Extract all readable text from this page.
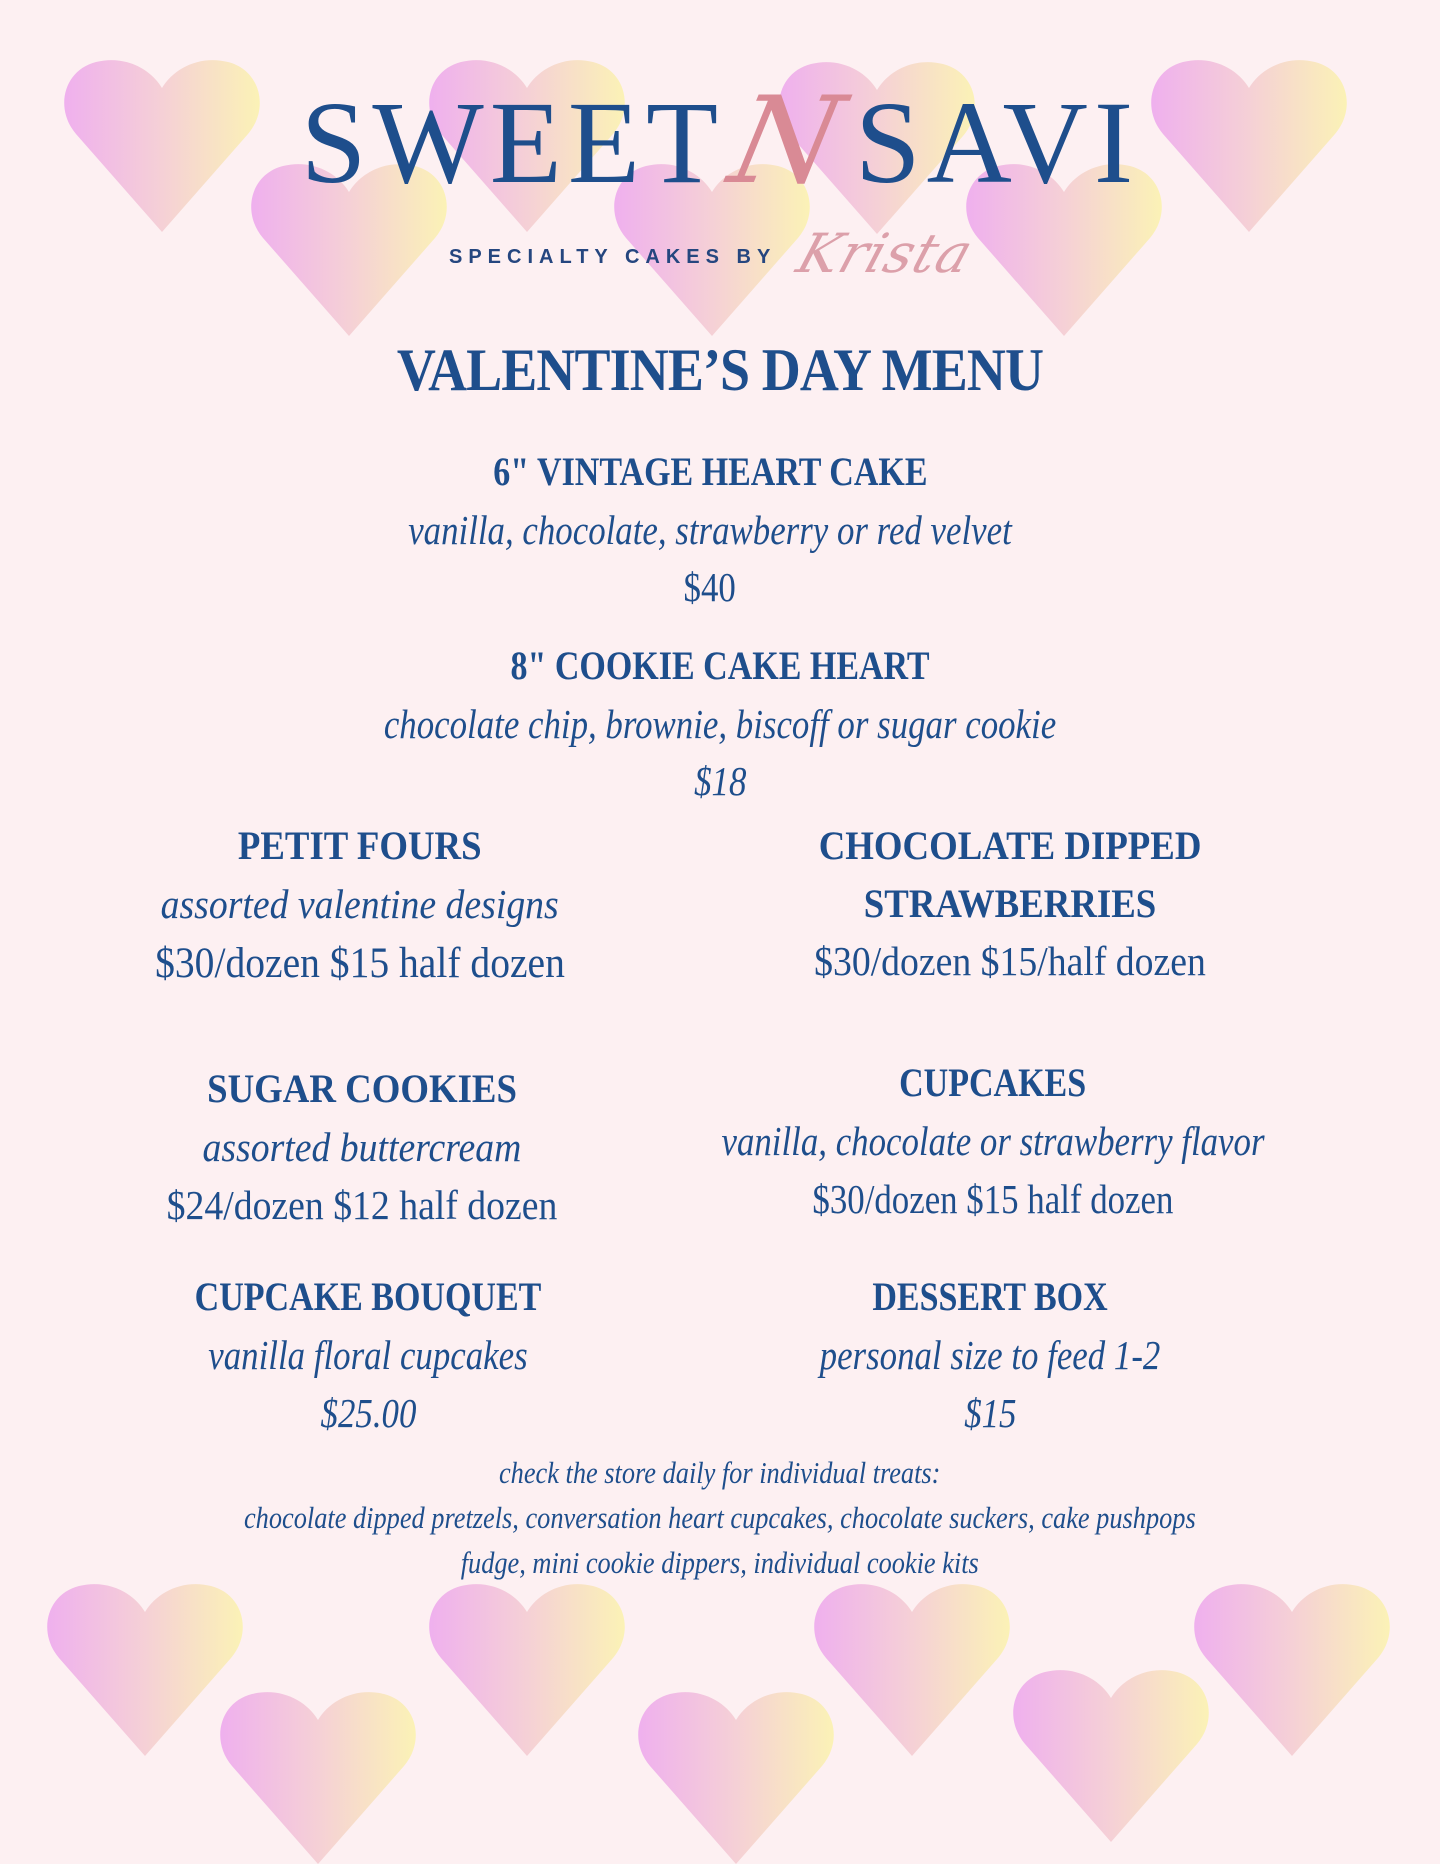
SWEETNSAVI
SPECIALTY CAKES BY Krista
VALENTINE’S DAY MENU
6" VINTAGE HEART CAKE
vanilla, chocolate, strawberry or red velvet
$40
8" COOKIE CAKE HEART
chocolate chip, brownie, biscoff or sugar cookie
$18
PETIT FOURS
assorted valentine designs
$30/dozen $15 half dozen
CHOCOLATE DIPPED
STRAWBERRIES
$30/dozen $15/half dozen
SUGAR COOKIES
assorted buttercream
$24/dozen $12 half dozen
CUPCAKES
vanilla, chocolate or strawberry flavor
$30/dozen $15 half dozen
CUPCAKE BOUQUET
vanilla floral cupcakes
$25.00
DESSERT BOX
personal size to feed 1-2
$15
check the store daily for individual treats:
chocolate dipped pretzels, conversation heart cupcakes, chocolate suckers, cake pushpops
fudge, mini cookie dippers, individual cookie kits
